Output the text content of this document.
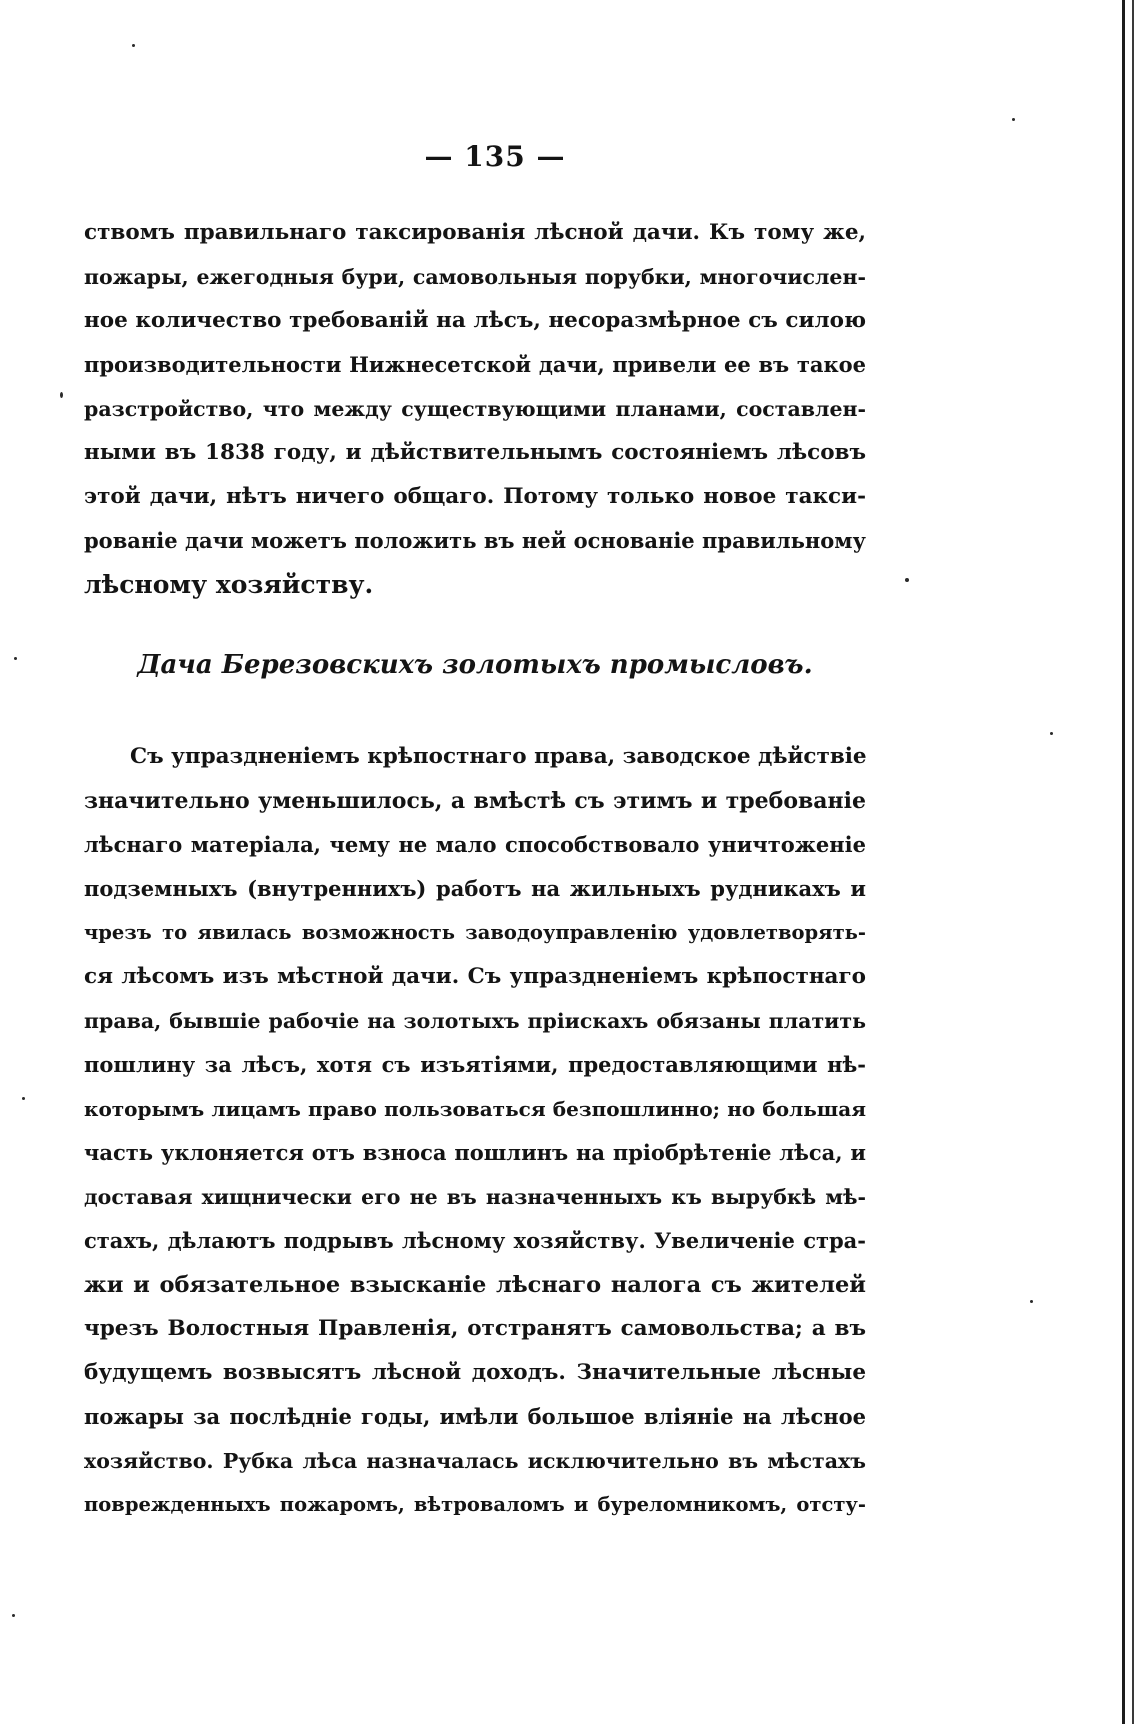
— 135 —
ствомъ правильнаго таксированія лѣсной дачи. Къ тому же,
пожары, ежегодныя бури, самовольныя порубки, многочислен-
ное количество требованій на лѣсъ, несоразмѣрное съ силою
производительности Нижнесетской дачи, привели ее въ такое
разстройство, что между существующими планами, составлен-
ными въ 1838 году, и дѣйствительнымъ состояніемъ лѣсовъ
этой дачи, нѣтъ ничего общаго. Потому только новое такси-
рованіе дачи можетъ положить въ ней основаніе правильному
лѣсному хозяйству.
Дача Березовскихъ золотыхъ промысловъ.
Съ упраздненіемъ крѣпостнаго права, заводское дѣйствіе
значительно уменьшилось, а вмѣстѣ съ этимъ и требованіе
лѣснаго матеріала, чему не мало способствовало уничтоженіе
подземныхъ (внутреннихъ) работъ на жильныхъ рудникахъ и
чрезъ то явилась возможность заводоуправленію удовлетворять-
ся лѣсомъ изъ мѣстной дачи. Съ упраздненіемъ крѣпостнаго
права, бывшіе рабочіе на золотыхъ пріискахъ обязаны платить
пошлину за лѣсъ, хотя съ изъятіями, предоставляющими нѣ-
которымъ лицамъ право пользоваться безпошлинно; но большая
часть уклоняется отъ взноса пошлинъ на пріобрѣтеніе лѣса, и
доставая хищнически его не въ назначенныхъ къ вырубкѣ мѣ-
стахъ, дѣлаютъ подрывъ лѣсному хозяйству. Увеличеніе стра-
жи и обязательное взысканіе лѣснаго налога съ жителей
чрезъ Волостныя Правленія, отстранятъ самовольства; а въ
будущемъ возвысятъ лѣсной доходъ. Значительные лѣсные
пожары за послѣдніе годы, имѣли большое вліяніе на лѣсное
хозяйство. Рубка лѣса назначалась исключительно въ мѣстахъ
поврежденныхъ пожаромъ, вѣтроваломъ и буреломникомъ, отсту-
